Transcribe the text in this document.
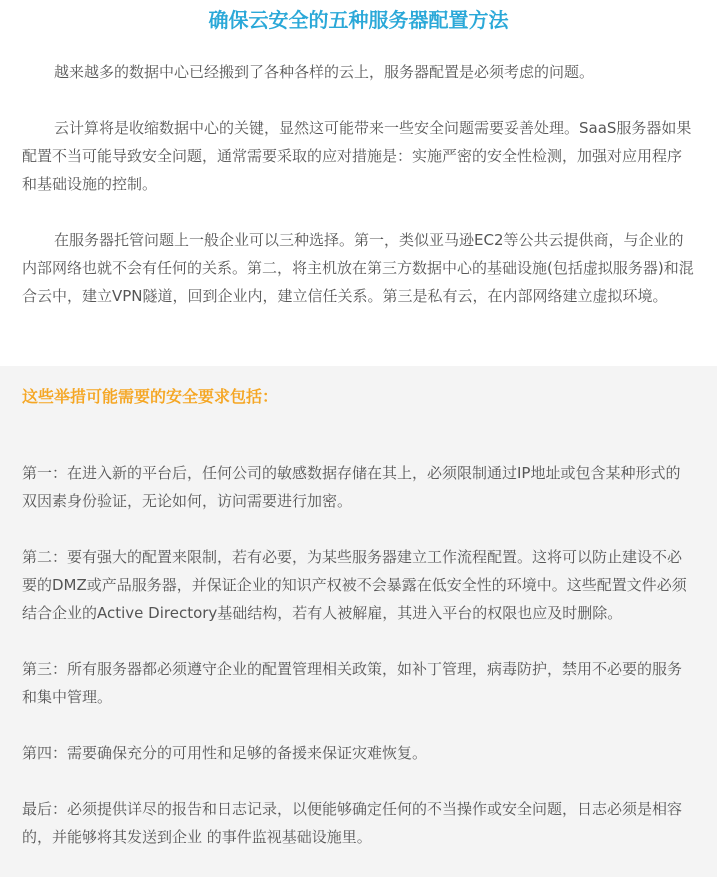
确保云安全的五种服务器配置方法

越来越多的数据中心已经搬到了各种各样的云上，服务器配置是必须考虑的问题。

云计算将是收缩数据中心的关键，显然这可能带来一些安全问题需要妥善处理。SaaS服务器如果配置不当可能导致安全问题，通常需要采取的应对措施是：实施严密的安全性检测，加强对应用程序和基础设施的控制。

在服务器托管问题上一般企业可以三种选择。第一，类似亚马逊EC2等公共云提供商，与企业的内部网络也就不会有任何的关系。第二，将主机放在第三方数据中心的基础设施(包括虚拟服务器)和混合云中，建立VPN隧道，回到企业内，建立信任关系。第三是私有云，在内部网络建立虚拟环境。

这些举措可能需要的安全要求包括：

第一：在进入新的平台后，任何公司的敏感数据存储在其上，必须限制通过IP地址或包含某种形式的双因素身份验证，无论如何，访问需要进行加密。

第二：要有强大的配置来限制，若有必要，为某些服务器建立工作流程配置。这将可以防止建设不必要的DMZ或产品服务器，并保证企业的知识产权被不会暴露在低安全性的环境中。这些配置文件必须结合企业的Active Directory基础结构，若有人被解雇，其进入平台的权限也应及时删除。

第三：所有服务器都必须遵守企业的配置管理相关政策，如补丁管理，病毒防护，禁用不必要的服务和集中管理。

第四：需要确保充分的可用性和足够的备援来保证灾难恢复。

最后：必须提供详尽的报告和日志记录，以便能够确定任何的不当操作或安全问题，日志必须是相容的，并能够将其发送到企业 的事件监视基础设施里。
